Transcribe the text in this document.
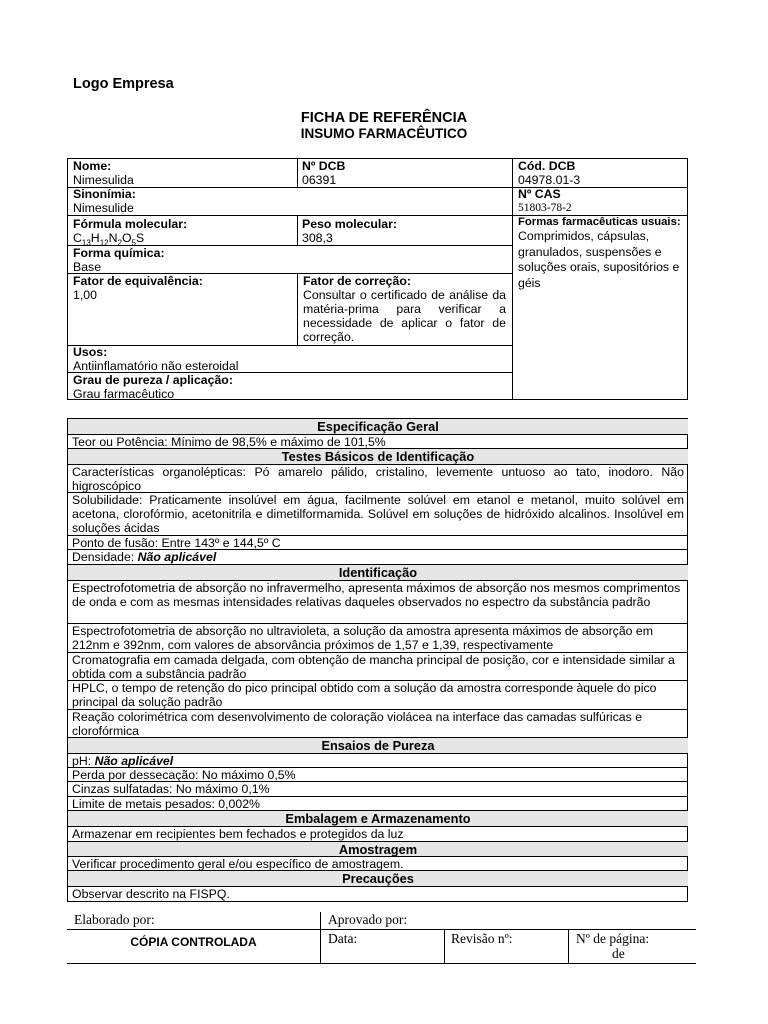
Logo Empresa
FICHA DE REFERÊNCIA
INSUMO FARMACÊUTICO
Nome:
Nimesulida
Nº DCB
06391
Cód. DCB
04978.01-3
Sinonímia:
Nimesulide
Nº CAS
51803-78-2
Fórmula molecular:
$C_{13}H_{12}N_2O_5S$
Peso molecular:
308,3
Formas farmacêuticas usuais:
Comprimidos, cápsulas, granulados, suspensões e soluções orais, supositórios e géis
Forma química:
Base
Fator de equivalência:
1,00
Fator de correção:
Consultar o certificado de análise da matéria-prima para verificar a necessidade de aplicar o fator de correção.
Usos:
Antiinflamatório não esteroidal
Grau de pureza / aplicação:
Grau farmacêutico
Especificação Geral
Teor ou Potência: Mínimo de 98,5% e máximo de 101,5%
Testes Básicos de Identificação
Características organolépticas: Pó amarelo pálido, cristalino, levemente untuoso ao tato, inodoro. Não higroscópico
Solubilidade: Praticamente insolúvel em água, facilmente solúvel em etanol e metanol, muito solúvel em acetona, clorofórmio, acetonitrila e dimetilformamida. Solúvel em soluções de hidróxido alcalinos. Insolúvel em soluções ácidas
Ponto de fusão: Entre 143º e 144,5º C
Densidade: Não aplicável
Identificação
Espectrofotometria de absorção no infravermelho, apresenta máximos de absorção nos mesmos comprimentos de onda e com as mesmas intensidades relativas daqueles observados no espectro da substância padrão
Espectrofotometria de absorção no ultravioleta, a solução da amostra apresenta máximos de absorção em 212nm e 392nm, com valores de absorvância próximos de 1,57 e 1,39, respectivamente
Cromatografia em camada delgada, com obtenção de mancha principal de posição, cor e intensidade similar a obtida com a substância padrão
HPLC, o tempo de retenção do pico principal obtido com a solução da amostra corresponde àquele do pico principal da solução padrão
Reação colorimétrica com desenvolvimento de coloração violácea na interface das camadas sulfúricas e clorofórmica
Ensaios de Pureza
pH: Não aplicável
Perda por dessecação: No máximo 0,5%
Cinzas sulfatadas: No máximo 0,1%
Limite de metais pesados: 0,002%
Embalagem e Armazenamento
Armazenar em recipientes bem fechados e protegidos da luz
Amostragem
Verificar procedimento geral e/ou específico de amostragem.
Precauções
Observar descrito na FISPQ.
Elaborado por:	Aprovado por:
CÓPIA CONTROLADA	Data:	Revisão nº:	Nº de página:
de
